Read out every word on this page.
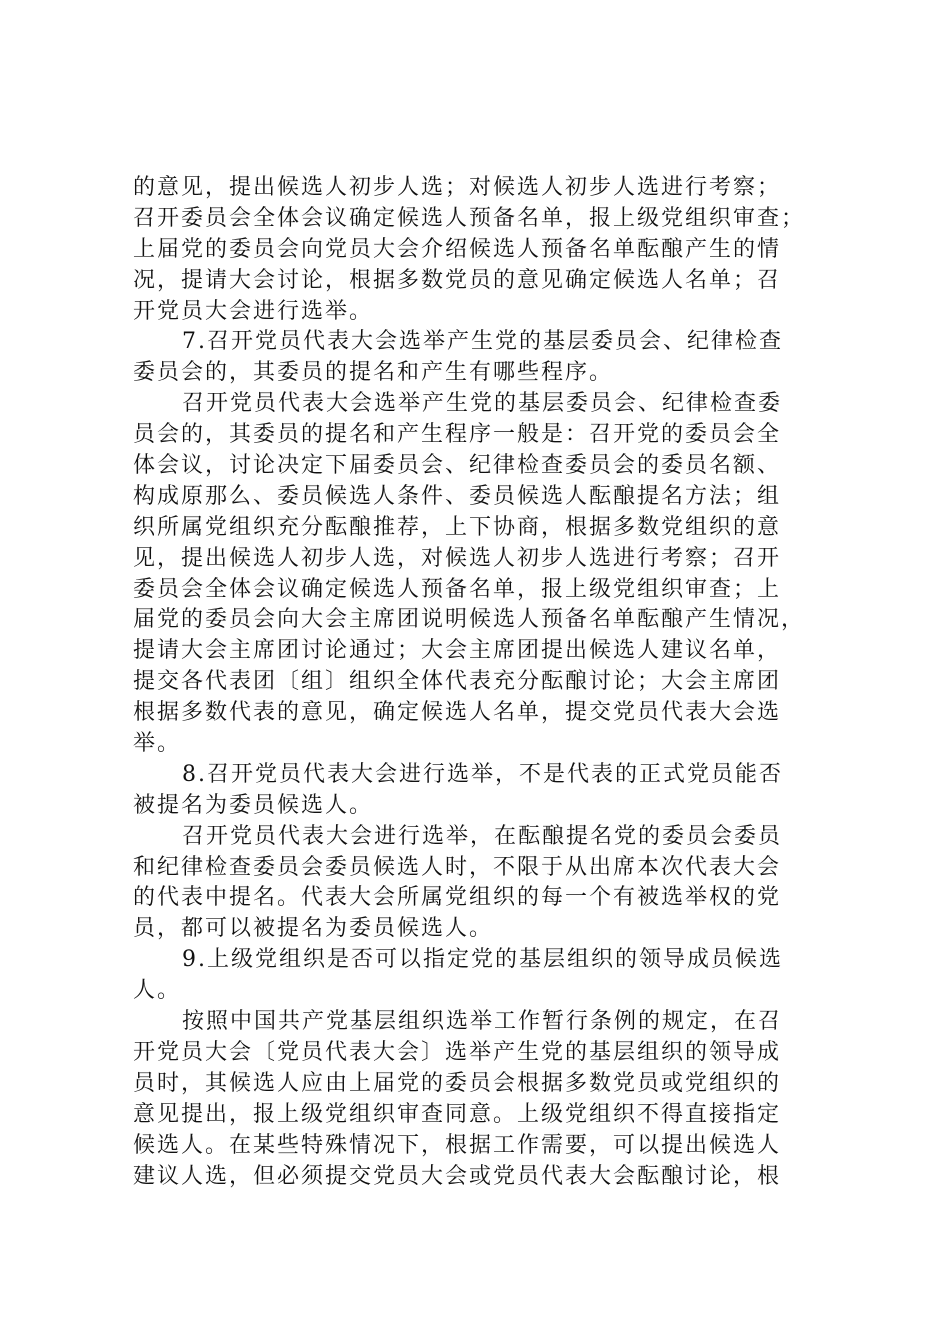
的意见，提出候选人初步人选；对候选人初步人选进行考察；
召开委员会全体会议确定候选人预备名单，报上级党组织审查；
上届党的委员会向党员大会介绍候选人预备名单酝酿产生的情
况，提请大会讨论，根据多数党员的意见确定候选人名单；召
开党员大会进行选举。
7.召开党员代表大会选举产生党的基层委员会、纪律检查
委员会的，其委员的提名和产生有哪些程序。
召开党员代表大会选举产生党的基层委员会、纪律检查委
员会的，其委员的提名和产生程序一般是：召开党的委员会全
体会议，讨论决定下届委员会、纪律检查委员会的委员名额、
构成原那么、委员候选人条件、委员候选人酝酿提名方法；组
织所属党组织充分酝酿推荐，上下协商，根据多数党组织的意
见，提出候选人初步人选，对候选人初步人选进行考察；召开
委员会全体会议确定候选人预备名单，报上级党组织审查；上
届党的委员会向大会主席团说明候选人预备名单酝酿产生情况，
提请大会主席团讨论通过；大会主席团提出候选人建议名单，
提交各代表团〔组〕组织全体代表充分酝酿讨论；大会主席团
根据多数代表的意见，确定候选人名单，提交党员代表大会选
举。
8.召开党员代表大会进行选举，不是代表的正式党员能否
被提名为委员候选人。
召开党员代表大会进行选举，在酝酿提名党的委员会委员
和纪律检查委员会委员候选人时，不限于从出席本次代表大会
的代表中提名。代表大会所属党组织的每一个有被选举权的党
员，都可以被提名为委员候选人。
9.上级党组织是否可以指定党的基层组织的领导成员候选
人。
按照中国共产党基层组织选举工作暂行条例的规定，在召
开党员大会〔党员代表大会〕选举产生党的基层组织的领导成
员时，其候选人应由上届党的委员会根据多数党员或党组织的
意见提出，报上级党组织审查同意。上级党组织不得直接指定
候选人。在某些特殊情况下，根据工作需要，可以提出候选人
建议人选，但必须提交党员大会或党员代表大会酝酿讨论，根
